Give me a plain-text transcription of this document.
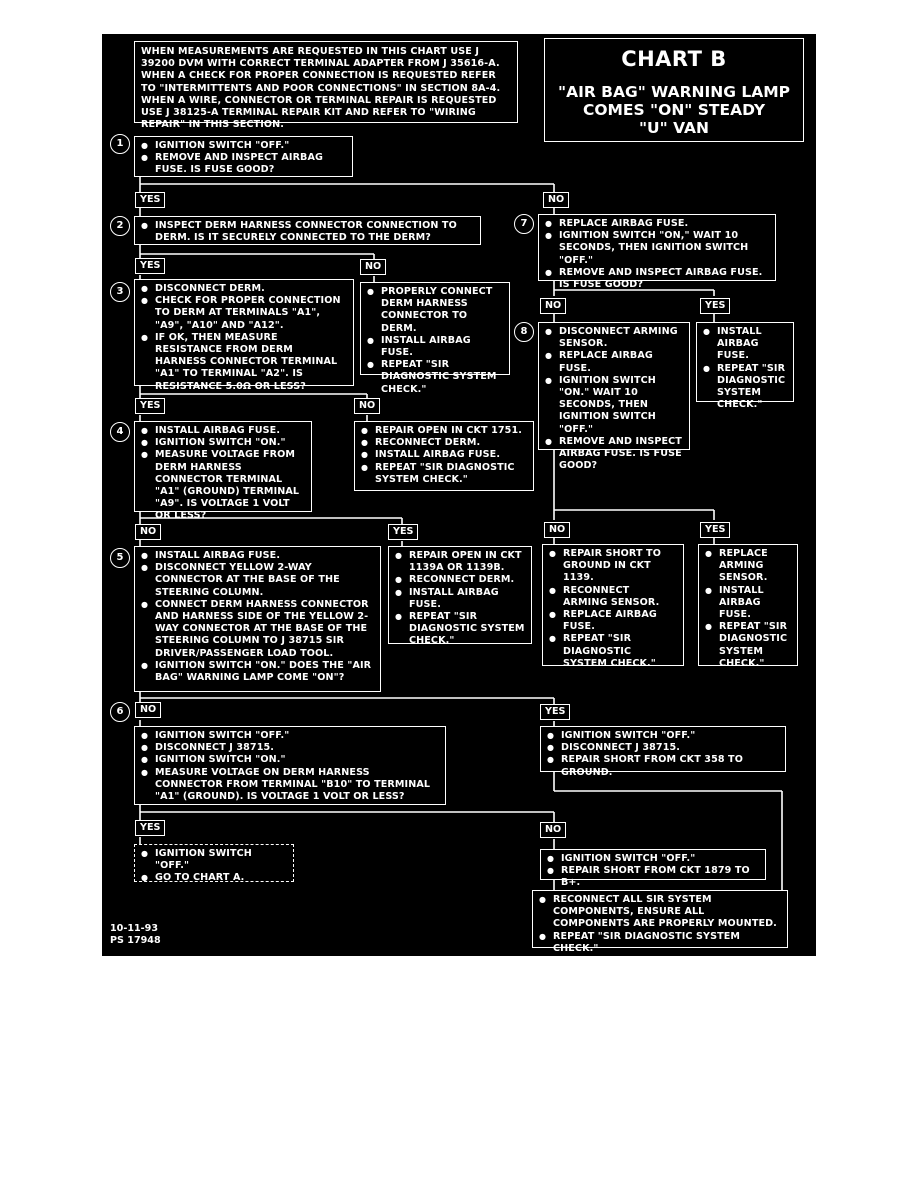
WHEN MEASUREMENTS ARE REQUESTED IN THIS CHART USE J 39200 DVM WITH CORRECT TERMINAL ADAPTER FROM J 35616-A. WHEN A CHECK FOR PROPER CONNECTION IS REQUESTED REFER TO "INTERMITTENTS AND POOR CONNECTIONS" IN SECTION 8A-4. WHEN A WIRE, CONNECTOR OR TERMINAL REPAIR IS REQUESTED USE J 38125-A TERMINAL REPAIR KIT AND REFER TO "WIRING REPAIR" IN THIS SECTION.
CHART B
"AIR BAG" WARNING LAMP
COMES "ON" STEADY
"U" VAN
1	● IGNITION SWITCH "OFF."
● REMOVE AND INSPECT AIRBAG FUSE. IS FUSE GOOD?
YES	NO
2	● INSPECT DERM HARNESS CONNECTOR CONNECTION TO DERM. IS IT SECURELY CONNECTED TO THE DERM?
YES	NO
● PROPERLY CONNECT DERM HARNESS CONNECTOR TO DERM.
● INSTALL AIRBAG FUSE.
● REPEAT "SIR DIAGNOSTIC SYSTEM CHECK."
3	● DISCONNECT DERM.
● CHECK FOR PROPER CONNECTION TO DERM AT TERMINALS "A1", "A9", "A10" AND "A12".
● IF OK, THEN MEASURE RESISTANCE FROM DERM HARNESS CONNECTOR TERMINAL "A1" TO TERMINAL "A2". IS RESISTANCE 5.0Ω OR LESS?
YES	NO
● REPAIR OPEN IN CKT 1751.
● RECONNECT DERM.
● INSTALL AIRBAG FUSE.
● REPEAT "SIR DIAGNOSTIC SYSTEM CHECK."
4	● INSTALL AIRBAG FUSE.
● IGNITION SWITCH "ON."
● MEASURE VOLTAGE FROM DERM HARNESS CONNECTOR TERMINAL "A1" (GROUND) TERMINAL "A9". IS VOLTAGE 1 VOLT OR LESS?
NO	YES
● REPAIR OPEN IN CKT 1139A OR 1139B.
● RECONNECT DERM.
● INSTALL AIRBAG FUSE.
● REPEAT "SIR DIAGNOSTIC SYSTEM CHECK."
5	● INSTALL AIRBAG FUSE.
● DISCONNECT YELLOW 2-WAY CONNECTOR AT THE BASE OF THE STEERING COLUMN.
● CONNECT DERM HARNESS CONNECTOR AND HARNESS SIDE OF THE YELLOW 2-WAY CONNECTOR AT THE BASE OF THE STEERING COLUMN TO J 38715 SIR DRIVER/PASSENGER LOAD TOOL.
● IGNITION SWITCH "ON." DOES THE "AIR BAG" WARNING LAMP COME "ON"?
NO	YES
● IGNITION SWITCH "OFF."
● DISCONNECT J 38715.
● REPAIR SHORT FROM CKT 358 TO GROUND.
6
● IGNITION SWITCH "OFF."
● DISCONNECT J 38715.
● IGNITION SWITCH "ON."
● MEASURE VOLTAGE ON DERM HARNESS CONNECTOR FROM TERMINAL "B10" TO TERMINAL "A1" (GROUND). IS VOLTAGE 1 VOLT OR LESS?
YES	NO
● IGNITION SWITCH "OFF."
● GO TO CHART A.
● IGNITION SWITCH "OFF."
● REPAIR SHORT FROM CKT 1879 TO B+.
● RECONNECT ALL SIR SYSTEM COMPONENTS, ENSURE ALL COMPONENTS ARE PROPERLY MOUNTED.
● REPEAT "SIR DIAGNOSTIC SYSTEM CHECK."
7	● REPLACE AIRBAG FUSE.
● IGNITION SWITCH "ON," WAIT 10 SECONDS, THEN IGNITION SWITCH "OFF."
● REMOVE AND INSPECT AIRBAG FUSE. IS FUSE GOOD?
NO	YES
● INSTALL AIRBAG FUSE.
● REPEAT "SIR DIAGNOSTIC SYSTEM CHECK."
8	● DISCONNECT ARMING SENSOR.
● REPLACE AIRBAG FUSE.
● IGNITION SWITCH "ON." WAIT 10 SECONDS, THEN IGNITION SWITCH "OFF."
● REMOVE AND INSPECT AIRBAG FUSE. IS FUSE GOOD?
NO	YES
● REPAIR SHORT TO GROUND IN CKT 1139.
● RECONNECT ARMING SENSOR.
● REPLACE AIRBAG FUSE.
● REPEAT "SIR DIAGNOSTIC SYSTEM CHECK."
● REPLACE ARMING SENSOR.
● INSTALL AIRBAG FUSE.
● REPEAT "SIR DIAGNOSTIC SYSTEM CHECK."
10-11-93
PS 17948
